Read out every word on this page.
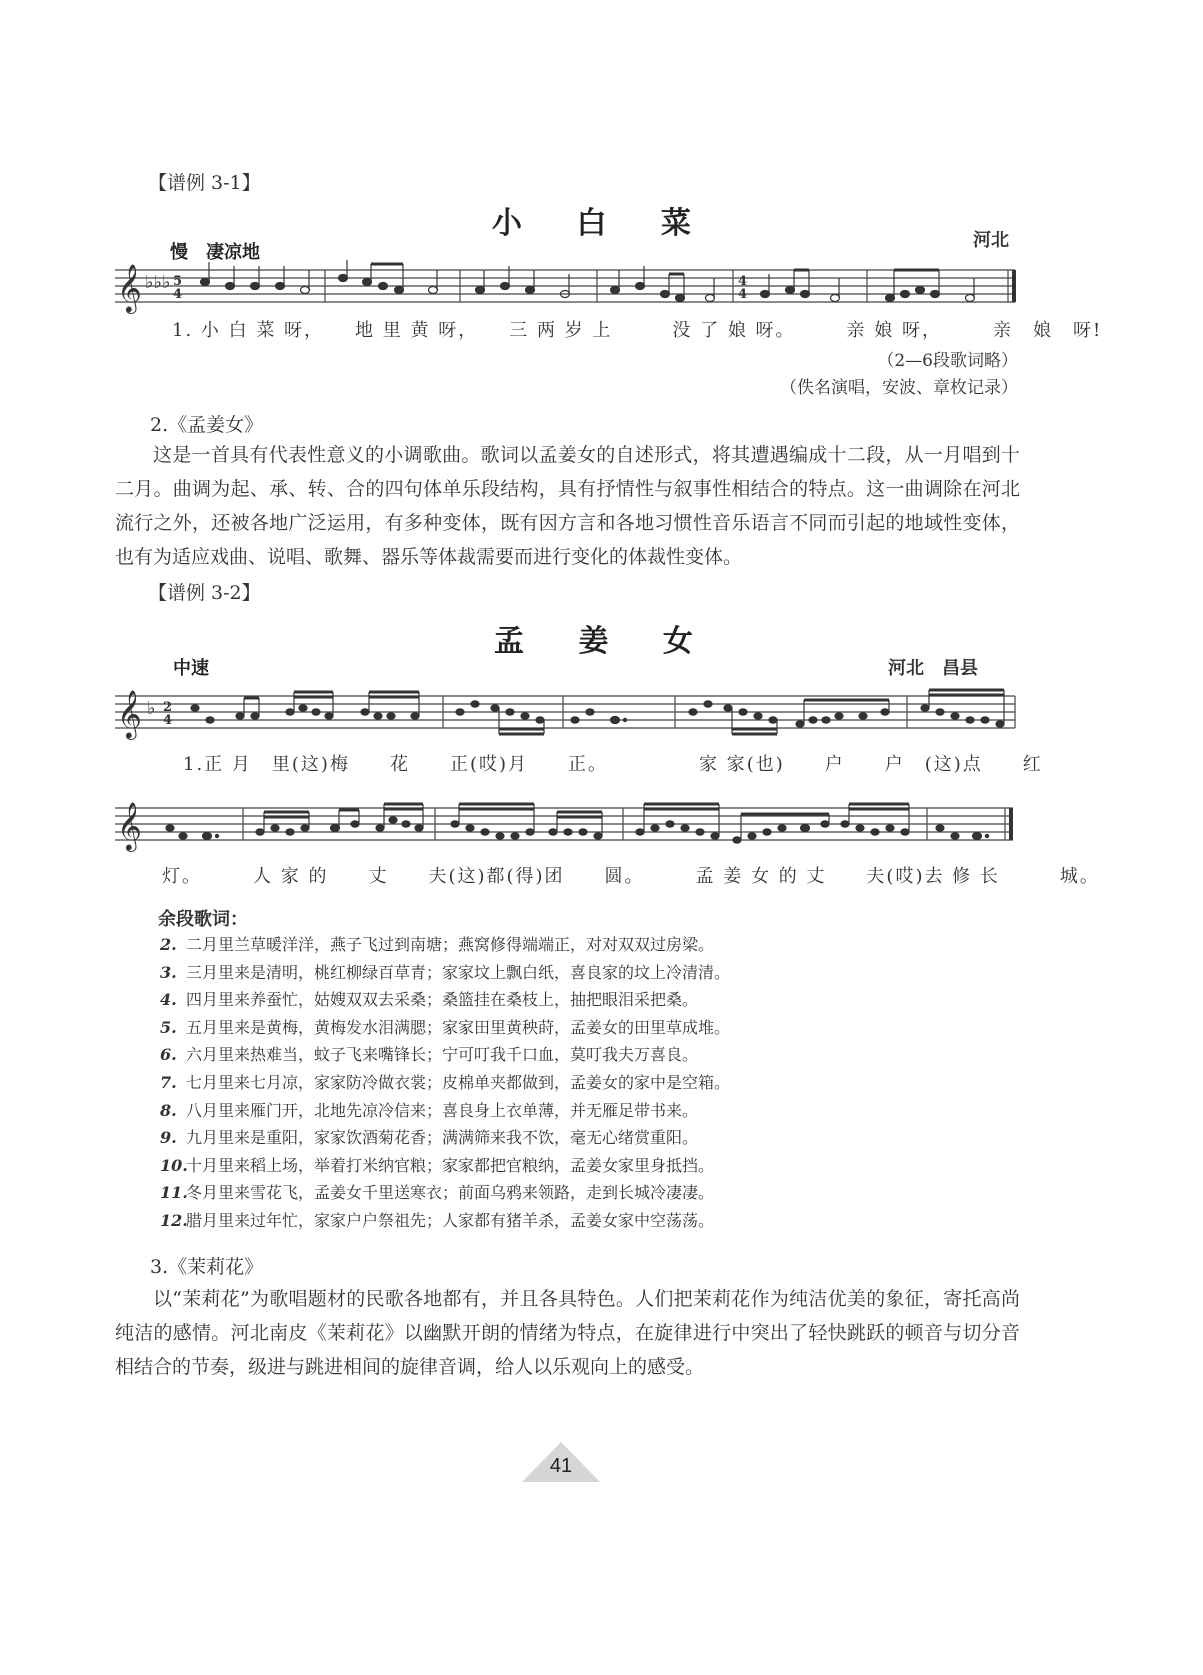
【谱例 3-1】
小 白 菜	河北
慢　凄凉地
𝄞 ♭♭♭ 5
4
4
4
1. 小 白 菜 呀，　　地 里 黄 呀，　　三 两 岁 上　　　没 了 娘 呀。　　　亲 娘 呀，　　　亲　娘　呀!
（2—6段歌词略）
（佚名演唱，安波、章枚记录）
2.《孟姜女》

这是一首具有代表性意义的小调歌曲。歌词以孟姜女的自述形式，将其遭遇编成十二段，从一月唱到十二月。曲调为起、承、转、合的四句体单乐段结构，具有抒情性与叙事性相结合的特点。这一曲调除在河北流行之外，还被各地广泛运用，有多种变体，既有因方言和各地习惯性音乐语言不同而引起的地域性变体，也有为适应戏曲、说唱、歌舞、器乐等体裁需要而进行变化的体裁性变体。

【谱例 3-2】
孟 姜 女
河北　昌县
中速
𝄞 ♭ 2
4
1.正 月　里(这)梅　　花　　正(哎)月　　正。　　　　　家 家(也)　　户　　户　(这)点　　红
𝄞
灯。　　　人 家 的　　丈　　夫(这)都(得)团　　圆。　　　孟 姜 女 的 丈　　夫(哎)去 修 长　　　城。
余段歌词：
2. 二月里兰草暖洋洋，燕子飞过到南塘；燕窝修得端端正，对对双双过房梁。
3. 三月里来是清明，桃红柳绿百草青；家家坟上飘白纸，喜良家的坟上冷清清。
4. 四月里来养蚕忙，姑嫂双双去采桑；桑篮挂在桑枝上，抽把眼泪采把桑。
5. 五月里来是黄梅，黄梅发水泪满腮；家家田里黄秧莳，孟姜女的田里草成堆。
6. 六月里来热难当，蚊子飞来嘴锋长；宁可叮我千口血，莫叮我夫万喜良。
7. 七月里来七月凉，家家防冷做衣裳；皮棉单夹都做到，孟姜女的家中是空箱。
8. 八月里来雁门开，北地先凉冷信来；喜良身上衣单薄，并无雁足带书来。
9. 九月里来是重阳，家家饮酒菊花香；满满筛来我不饮，毫无心绪赏重阳。
10.十月里来稻上场，举着打米纳官粮；家家都把官粮纳，孟姜女家里身抵挡。
11.冬月里来雪花飞，孟姜女千里送寒衣；前面乌鸦来领路，走到长城冷凄凄。
12.腊月里来过年忙，家家户户祭祖先；人家都有猪羊杀，孟姜女家中空荡荡。
3.《茉莉花》

以“茉莉花”为歌唱题材的民歌各地都有，并且各具特色。人们把茉莉花作为纯洁优美的象征，寄托高尚纯洁的感情。河北南皮《茉莉花》以幽默开朗的情绪为特点，在旋律进行中突出了轻快跳跃的顿音与切分音相结合的节奏，级进与跳进相间的旋律音调，给人以乐观向上的感受。

41
